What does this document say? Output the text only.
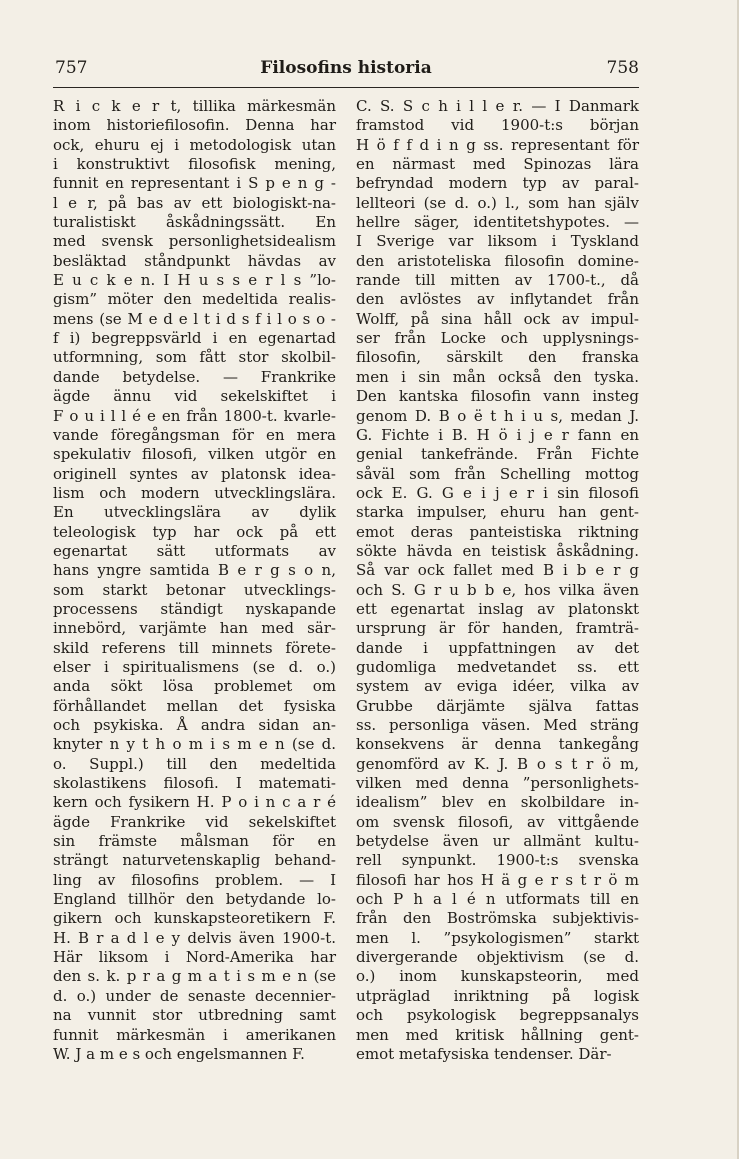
757	Filosofins historia	758
R i c k e r t, tillika märkesmän
inom historiefilosofin. Denna har
ock, ehuru ej i metodologisk utan
i konstruktivt filosofisk mening,
funnit en representant i S p e n g -
l e r, på bas av ett biologiskt-na-
turalistiskt åskådningssätt. En
med svensk personlighetsidealism
besläktad ståndpunkt hävdas av
E u c k e n. I H u s s e r l s ”lo-
gism” möter den medeltida realis-
mens (se M e d e l t i d s f i l o s o -
f i) begreppsvärld i en egenartad
utformning, som fått stor skolbil-
dande betydelse. — Frankrike
ägde ännu vid sekelskiftet i
F o u i l l é e en från 1800-t. kvarle-
vande föregångsman för en mera
spekulativ filosofi, vilken utgör en
originell syntes av platonsk idea-
lism och modern utvecklingslära.
En utvecklingslära av dylik
teleologisk typ har ock på ett
egenartat sätt utformats av
hans yngre samtida B e r g s o n,
som starkt betonar utvecklings-
processens ständigt nyskapande
innebörd, varjämte han med sär-
skild referens till minnets förete-
elser i spiritualismens (se d. o.)
anda sökt lösa problemet om
förhållandet mellan det fysiska
och psykiska. Å andra sidan an-
knyter n y t h o m i s m e n (se d.
o. Suppl.) till den medeltida
skolastikens filosofi. I matemati-
kern och fysikern H. P o i n c a r é
ägde Frankrike vid sekelskiftet
sin främste målsman för en
strängt naturvetenskaplig behand-
ling av filosofins problem. — I
England tillhör den betydande lo-
gikern och kunskapsteoretikern F.
H. B r a d l e y delvis även 1900-t.
Här liksom i Nord-Amerika har
den s. k. p r a g m a t i s m e n (se
d. o.) under de senaste decennier-
na vunnit stor utbredning samt
funnit märkesmän i amerikanen
W. J a m e s och engelsmannen F.
C. S. S c h i l l e r. — I Danmark
framstod vid 1900-t:s början
H ö f f d i n g ss. representant för
en närmast med Spinozas lära
befryndad modern typ av paral-
lellteori (se d. o.) l., som han själv
hellre säger, identitetshypotes. —
I Sverige var liksom i Tyskland
den aristoteliska filosofin domine-
rande till mitten av 1700-t., då
den avlöstes av inflytandet från
Wolff, på sina håll ock av impul-
ser från Locke och upplysnings-
filosofin, särskilt den franska
men i sin mån också den tyska.
Den kantska filosofin vann insteg
genom D. B o ë t h i u s, medan J.
G. Fichte i B. H ö i j e r fann en
genial tankefrände. Från Fichte
såväl som från Schelling mottog
ock E. G. G e i j e r i sin filosofi
starka impulser, ehuru han gent-
emot deras panteistiska riktning
sökte hävda en teistisk åskådning.
Så var ock fallet med B i b e r g
och S. G r u b b e, hos vilka även
ett egenartat inslag av platonskt
ursprung är för handen, framträ-
dande i uppfattningen av det
gudomliga medvetandet ss. ett
system av eviga idéer, vilka av
Grubbe därjämte själva fattas
ss. personliga väsen. Med sträng
konsekvens är denna tankegång
genomförd av K. J. B o s t r ö m,
vilken med denna ”personlighets-
idealism” blev en skolbildare in-
om svensk filosofi, av vittgående
betydelse även ur allmänt kultu-
rell synpunkt. 1900-t:s svenska
filosofi har hos H ä g e r s t r ö m
och P h a l é n utformats till en
från den Boströmska subjektivis-
men l. ”psykologismen” starkt
divergerande objektivism (se d.
o.) inom kunskapsteorin, med
utpräglad inriktning på logisk
och psykologisk begreppsanalys
men med kritisk hållning gent-
emot metafysiska tendenser. Där-
